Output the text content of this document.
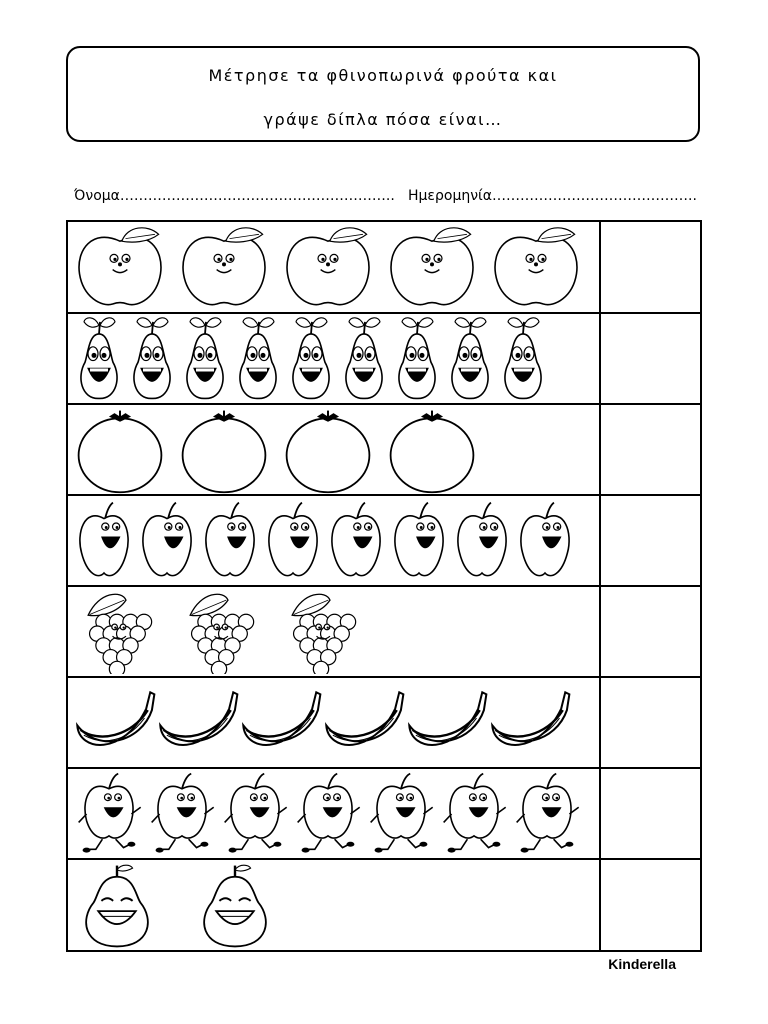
Μέτρησε τα φθινοπωρινά φρούτα και
γράψε δίπλα πόσα είναι…
Όνομα………………………………………………….. Ημερομηνία……………………………………..
Kinderella
